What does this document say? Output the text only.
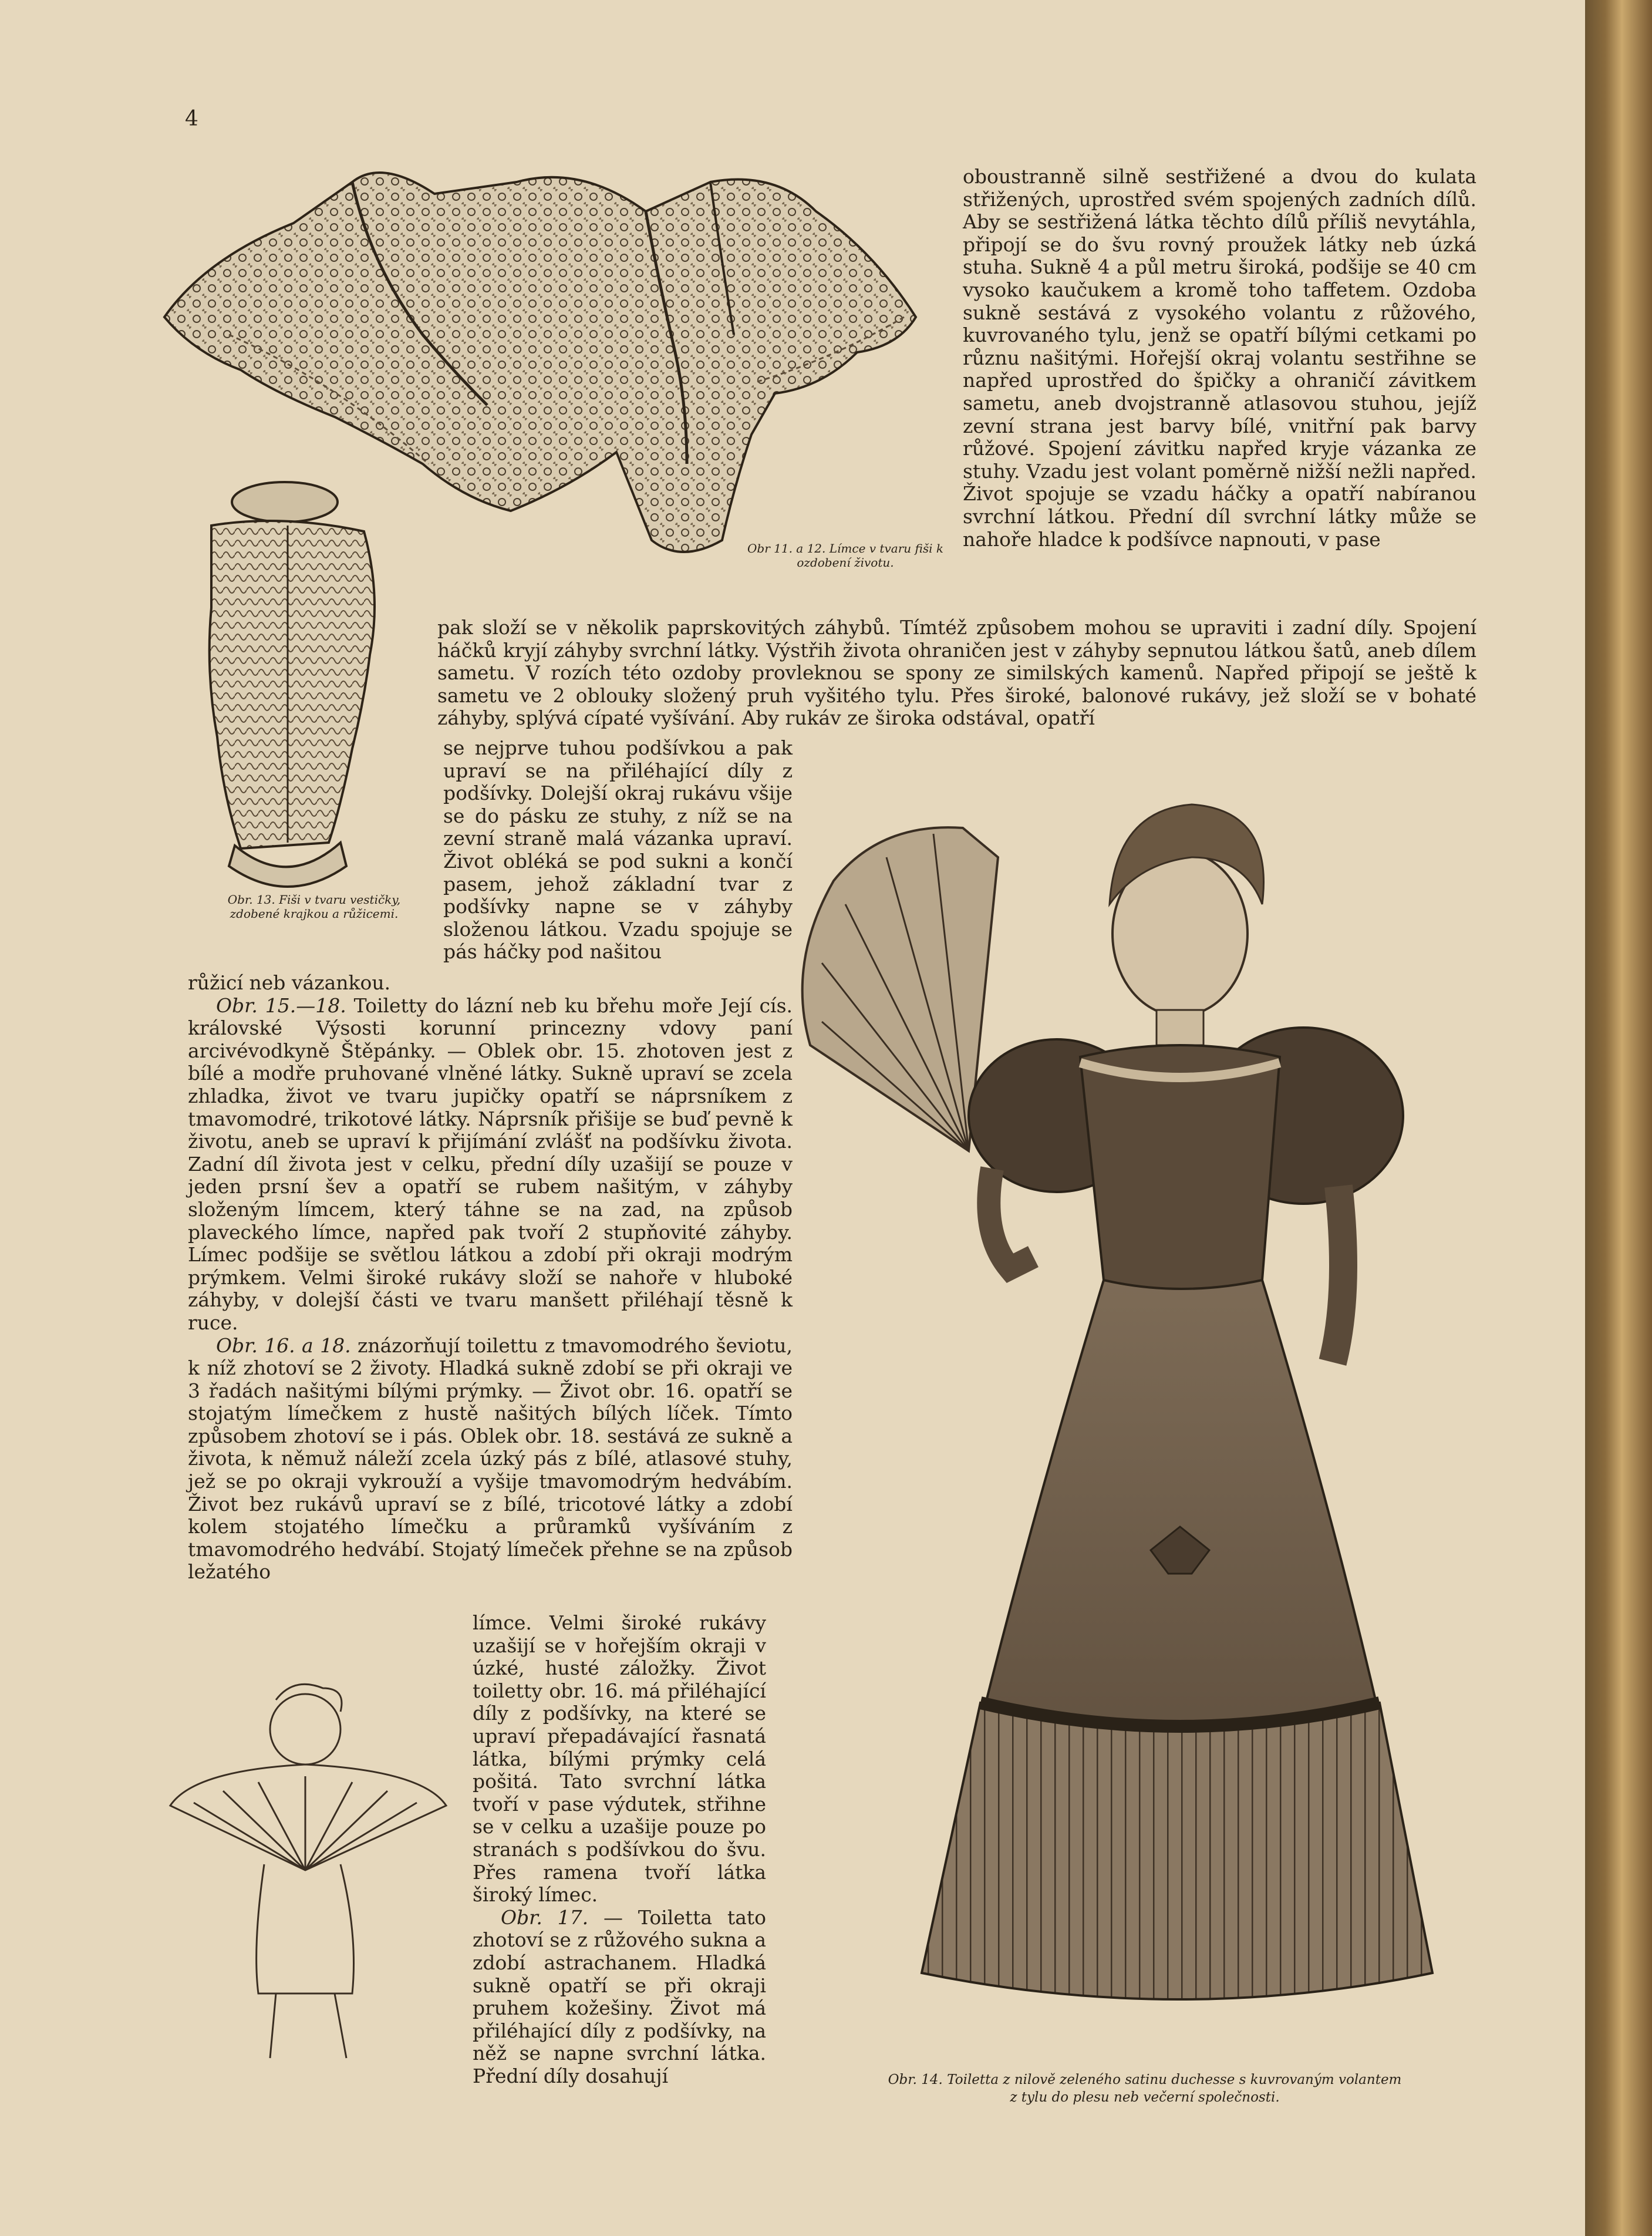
4
Obr 11. a 12. Límce v tvaru fiši k ozdobení životu.
Obr. 13. Fiši v tvaru vestičky, zdobené krajkou a růžicemi.
Obr. 14. Toiletta z nilově zeleného satinu duchesse s kuvrovaným volantem
z tylu do plesu neb večerní společnosti.

oboustranně silně sestřižené a dvou do kulata střižených, uprostřed svém spojených zadních dílů. Aby se sestřižená látka těchto dílů příliš nevytáhla, připojí se do švu rovný proužek látky neb úzká stuha. Sukně 4 a půl metru široká, podšije se 40 cm vysoko kaučukem a kromě toho taffetem. Ozdoba sukně sestává z vysokého volantu z růžového, kuvrovaného tylu, jenž se opatří bílými cetkami po různu našitými. Hořejší okraj volantu sestřihne se napřed uprostřed do špičky a ohraničí závitkem sametu, aneb dvojstranně atlasovou stuhou, jejíž zevní strana jest barvy bílé, vnitřní pak barvy růžové. Spojení závitku napřed kryje vázanka ze stuhy. Vzadu jest volant poměrně nižší nežli napřed. Život spojuje se vzadu háčky a opatří nabíranou svrchní látkou. Přední díl svrchní látky může se nahoře hladce k podšívce napnouti, v pase

pak složí se v několik paprskovitých záhybů. Tímtéž způsobem mohou se upraviti i zadní díly. Spojení háčků kryjí záhyby svrchní látky. Výstřih života ohraničen jest v záhyby sepnutou látkou šatů, aneb dílem sametu. V rozích této ozdoby provleknou se spony ze similských kamenů. Napřed připojí se ještě k sametu ve 2 oblouky složený pruh vyšitého tylu. Přes široké, balonové rukávy, jež složí se v bohaté záhyby, splývá cípaté vyšívání. Aby rukáv ze široka odstával, opatří

se nejprve tuhou podšívkou a pak upraví se na přiléhající díly z podšívky. Dolejší okraj rukávu všije se do pásku ze stuhy, z níž se na zevní straně malá vázanka upraví. Život obléká se pod sukni a končí pasem, jehož základní tvar z podšívky napne se v záhyby složenou látkou. Vzadu spojuje se pás háčky pod našitou

růžicí neb vázankou.

Obr. 15.—18. Toiletty do lázní neb ku břehu moře Její cís. královské Výsosti korunní princezny vdovy paní arcivévodkyně Štěpánky. — Oblek obr. 15. zhotoven jest z bílé a modře pruhované vlněné látky. Sukně upraví se zcela zhladka, život ve tvaru jupičky opatří se náprsníkem z tmavomodré, trikotové látky. Náprsník přišije se buď pevně k životu, aneb se upraví k přijímání zvlášť na podšívku života. Zadní díl života jest v celku, přední díly uzašijí se pouze v jeden prsní šev a opatří se rubem našitým, v záhyby složeným límcem, který táhne se na zad, na způsob plaveckého límce, napřed pak tvoří 2 stupňovité záhyby. Límec podšije se světlou látkou a zdobí při okraji modrým prýmkem. Velmi široké rukávy složí se nahoře v hluboké záhyby, v dolejší části ve tvaru manšett přiléhají těsně k ruce.

Obr. 16. a 18. znázorňují toilettu z tmavomodrého ševiotu, k níž zhotoví se 2 životy. Hladká sukně zdobí se při okraji ve 3 řadách našitými bílými prýmky. — Život obr. 16. opatří se stojatým límečkem z hustě našitých bílých líček. Tímto způsobem zhotoví se i pás. Oblek obr. 18. sestává ze sukně a života, k němuž náleží zcela úzký pás z bílé, atlasové stuhy, jež se po okraji vykrouží a vyšije tmavomodrým hedvábím. Život bez rukávů upraví se z bílé, tricotové látky a zdobí kolem stojatého límečku a průramků vyšíváním z tmavomodrého hedvábí. Stojatý límeček přehne se na způsob ležatého

límce. Velmi široké rukávy uzašijí se v hořejším okraji v úzké, husté záložky. Život toiletty obr. 16. má přiléhající díly z podšívky, na které se upraví přepadávající řasnatá látka, bílými prýmky celá pošitá. Tato svrchní látka tvoří v pase výdutek, střihne se v celku a uzašije pouze po stranách s podšívkou do švu. Přes ramena tvoří látka široký límec.

Obr. 17. — Toiletta tato zhotoví se z růžového sukna a zdobí astrachanem. Hladká sukně opatří se při okraji pruhem kožešiny. Život má přiléhající díly z podšívky, na něž se napne svrchní látka. Přední díly dosahují
